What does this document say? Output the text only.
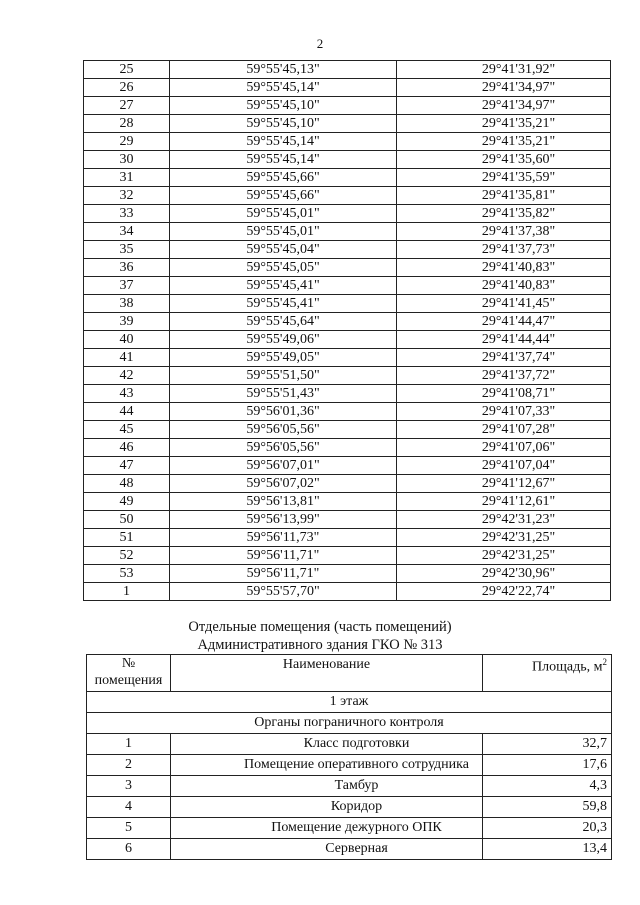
2
25	59°55'45,13"	29°41'31,92"
26	59°55'45,14"	29°41'34,97"
27	59°55'45,10"	29°41'34,97"
28	59°55'45,10"	29°41'35,21"
29	59°55'45,14"	29°41'35,21"
30	59°55'45,14"	29°41'35,60"
31	59°55'45,66"	29°41'35,59"
32	59°55'45,66"	29°41'35,81"
33	59°55'45,01"	29°41'35,82"
34	59°55'45,01"	29°41'37,38"
35	59°55'45,04"	29°41'37,73"
36	59°55'45,05"	29°41'40,83"
37	59°55'45,41"	29°41'40,83"
38	59°55'45,41"	29°41'41,45"
39	59°55'45,64"	29°41'44,47"
40	59°55'49,06"	29°41'44,44"
41	59°55'49,05"	29°41'37,74"
42	59°55'51,50"	29°41'37,72"
43	59°55'51,43"	29°41'08,71"
44	59°56'01,36"	29°41'07,33"
45	59°56'05,56"	29°41'07,28"
46	59°56'05,56"	29°41'07,06"
47	59°56'07,01"	29°41'07,04"
48	59°56'07,02"	29°41'12,67"
49	59°56'13,81"	29°41'12,61"
50	59°56'13,99"	29°42'31,23"
51	59°56'11,73"	29°42'31,25"
52	59°56'11,71"	29°42'31,25"
53	59°56'11,71"	29°42'30,96"
1	59°55'57,70"	29°42'22,74"
Отдельные помещения (часть помещений)
Административного здания ГКО № 313
№
помещения	Наименование	Площадь, $м^2$
1 этаж		
Органы пограничного контроля		
1	Класс подготовки	32,7
2	Помещение оперативного сотрудника	17,6
3	Тамбур	4,3
4	Коридор	59,8
5	Помещение дежурного ОПК	20,3
6	Серверная	13,4
